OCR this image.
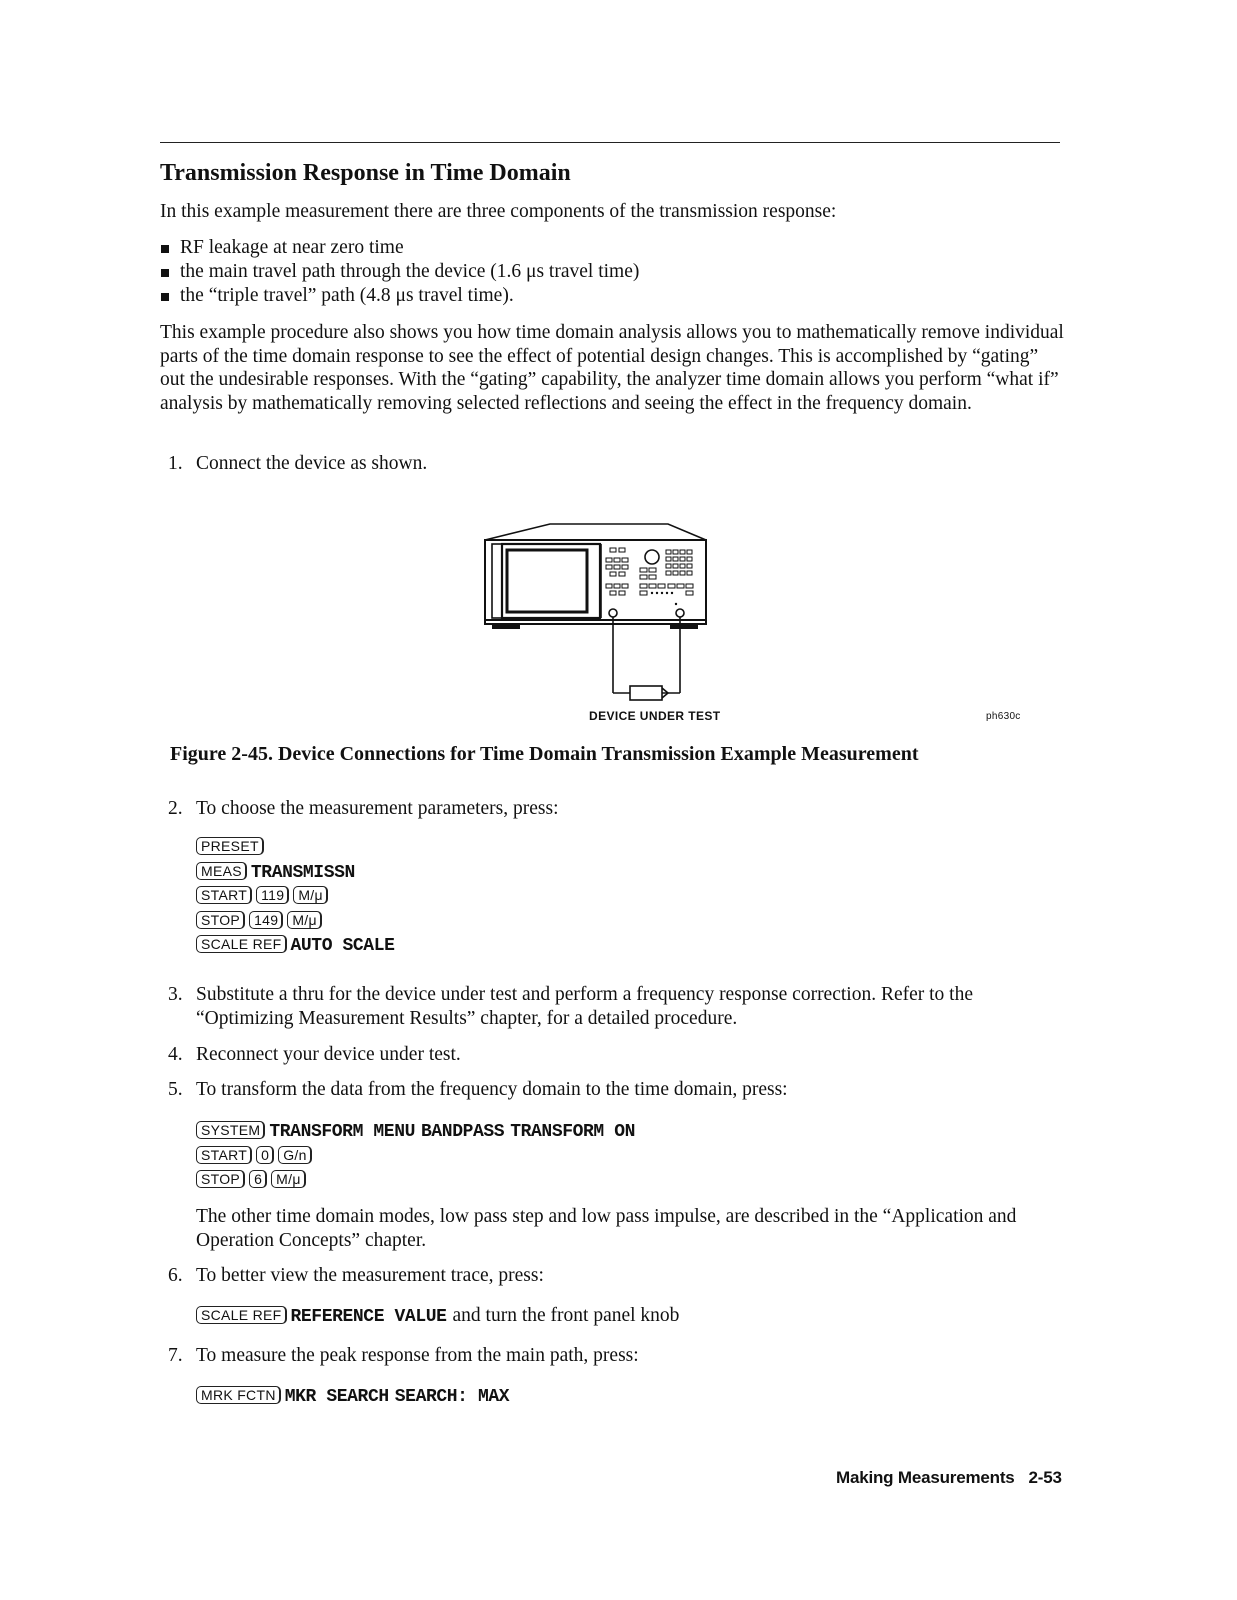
Transmission Response in Time Domain

In this example measurement there are three components of the transmission response:

RF leakage at near zero time
the main travel path through the device (1.6 μs travel time)
the “triple travel” path (4.8 μs travel time).

This example procedure also shows you how time domain analysis allows you to mathematically remove individual parts of the time domain response to see the effect of potential design changes. This is accomplished by “gating” out the undesirable responses. With the “gating” capability, the analyzer time domain allows you perform “what if” analysis by mathematically removing selected reflections and seeing the effect in the frequency domain.

1. Connect the device as shown.

DEVICE UNDER TEST	ph630c

Figure 2-45. Device Connections for Time Domain Transmission Example Measurement

2. To choose the measurement parameters, press:

PRESET
MEAS TRANSMISSN
START 119 M/μ
STOP 149 M/μ
SCALE REF AUTO SCALE

3. Substitute a thru for the device under test and perform a frequency response correction. Refer to the “Optimizing Measurement Results” chapter, for a detailed procedure.

4. Reconnect your device under test.

5. To transform the data from the frequency domain to the time domain, press:

SYSTEM TRANSFORM MENU BANDPASS TRANSFORM ON
START 0 G/n
STOP 6 M/μ

The other time domain modes, low pass step and low pass impulse, are described in the “Application and Operation Concepts” chapter.

6. To better view the measurement trace, press:

SCALE REF REFERENCE VALUE and turn the front panel knob

7. To measure the peak response from the main path, press:

MRK FCTN MKR SEARCH SEARCH: MAX
Making Measurements 2-53
